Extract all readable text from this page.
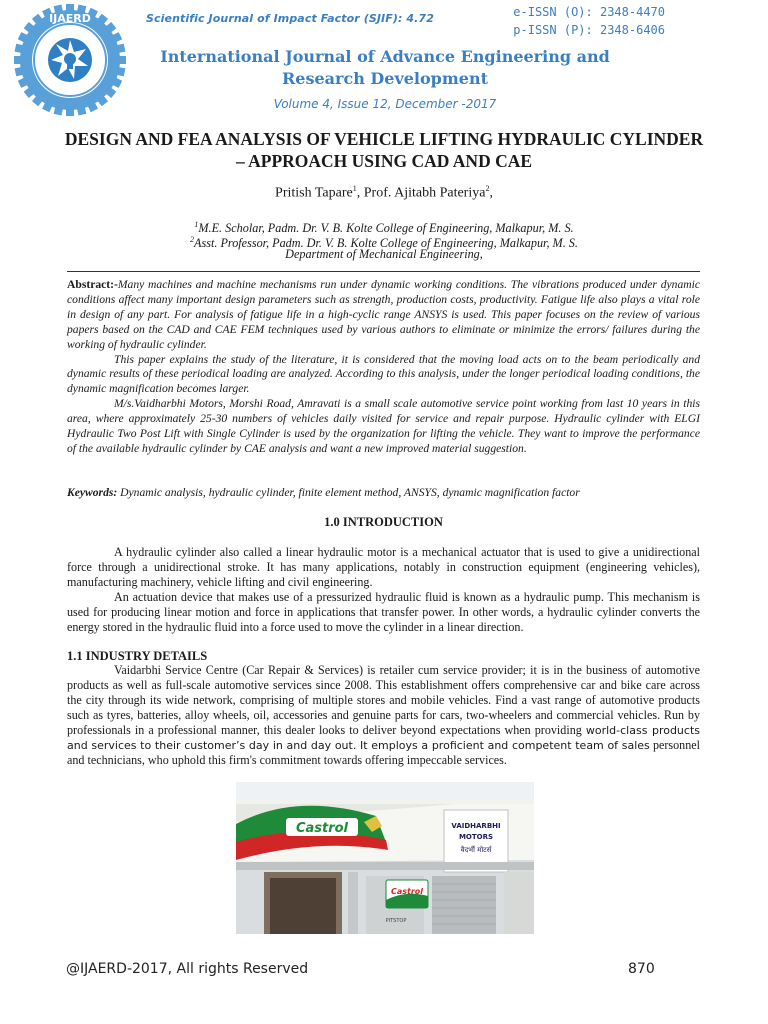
IJAERD	Scientific Journal of Impact Factor (SJIF): 4.72	e-ISSN (O): 2348-4470
p-ISSN (P): 2348-6406
International Journal of Advance Engineering and Research Development
Volume 4, Issue 12, December -2017
DESIGN AND FEA ANALYSIS OF VEHICLE LIFTING HYDRAULIC CYLINDER – APPROACH USING CAD AND CAE
Pritish Tapare$^1$, Prof. Ajitabh Pateriya$^2$,
$^1$M.E. Scholar, Padm. Dr. V. B. Kolte College of Engineering, Malkapur, M. S.
$^2$Asst. Professor, Padm. Dr. V. B. Kolte College of Engineering, Malkapur, M. S.
Department of Mechanical Engineering,

Abstract:-Many machines and machine mechanisms run under dynamic working conditions. The vibrations produced under dynamic conditions affect many important design parameters such as strength, production costs, productivity. Fatigue life also plays a vital role in design of any part. For analysis of fatigue life in a high-cyclic range ANSYS is used. This paper focuses on the review of various papers based on the CAD and CAE FEM techniques used by various authors to eliminate or minimize the errors/ failures during the working of hydraulic cylinder.

This paper explains the study of the literature, it is considered that the moving load acts on to the beam periodically and dynamic results of these periodical loading are analyzed. According to this analysis, under the longer periodical loading conditions, the dynamic magnification becomes larger.

M/s.Vaidharbhi Motors, Morshi Road, Amravati is a small scale automotive service point working from last 10 years in this area, where approximately 25-30 numbers of vehicles daily visited for service and repair purpose. Hydraulic cylinder with ELGI Hydraulic Two Post Lift with Single Cylinder is used by the organization for lifting the vehicle. They want to improve the performance of the available hydraulic cylinder by CAE analysis and want a new improved material suggestion.

Keywords: Dynamic analysis, hydraulic cylinder, finite element method, ANSYS, dynamic magnification factor
1.0 INTRODUCTION

A hydraulic cylinder also called a linear hydraulic motor is a mechanical actuator that is used to give a unidirectional force through a unidirectional stroke. It has many applications, notably in construction equipment (engineering vehicles), manufacturing machinery, vehicle lifting and civil engineering.

An actuation device that makes use of a pressurized hydraulic fluid is known as a hydraulic pump. This mechanism is used for producing linear motion and force in applications that transfer power. In other words, a hydraulic cylinder converts the energy stored in the hydraulic fluid into a force used to move the cylinder in a linear direction.

1.1 INDUSTRY DETAILS

Vaidarbhi Service Centre (Car Repair & Services) is retailer cum service provider; it is in the business of automotive products as well as full-scale automotive services since 2008. This establishment offers comprehensive car and bike care across the city through its wide network, comprising of multiple stores and mobile vehicles. Find a vast range of automotive products such as tyres, batteries, alloy wheels, oil, accessories and genuine parts for cars, two-wheelers and commercial vehicles. Run by professionals in a professional manner, this dealer looks to deliver beyond expectations when providing world-class products and services to their customer’s day in and day out. It employs a proficient and competent team of sales personnel and technicians, who uphold this firm's commitment towards offering impeccable services.

Castrol	VAIDHARBHI
MOTORS
वैदर्भी मोटर्स
Castrol
PITSTOP
@IJAERD-2017, All rights Reserved	870
